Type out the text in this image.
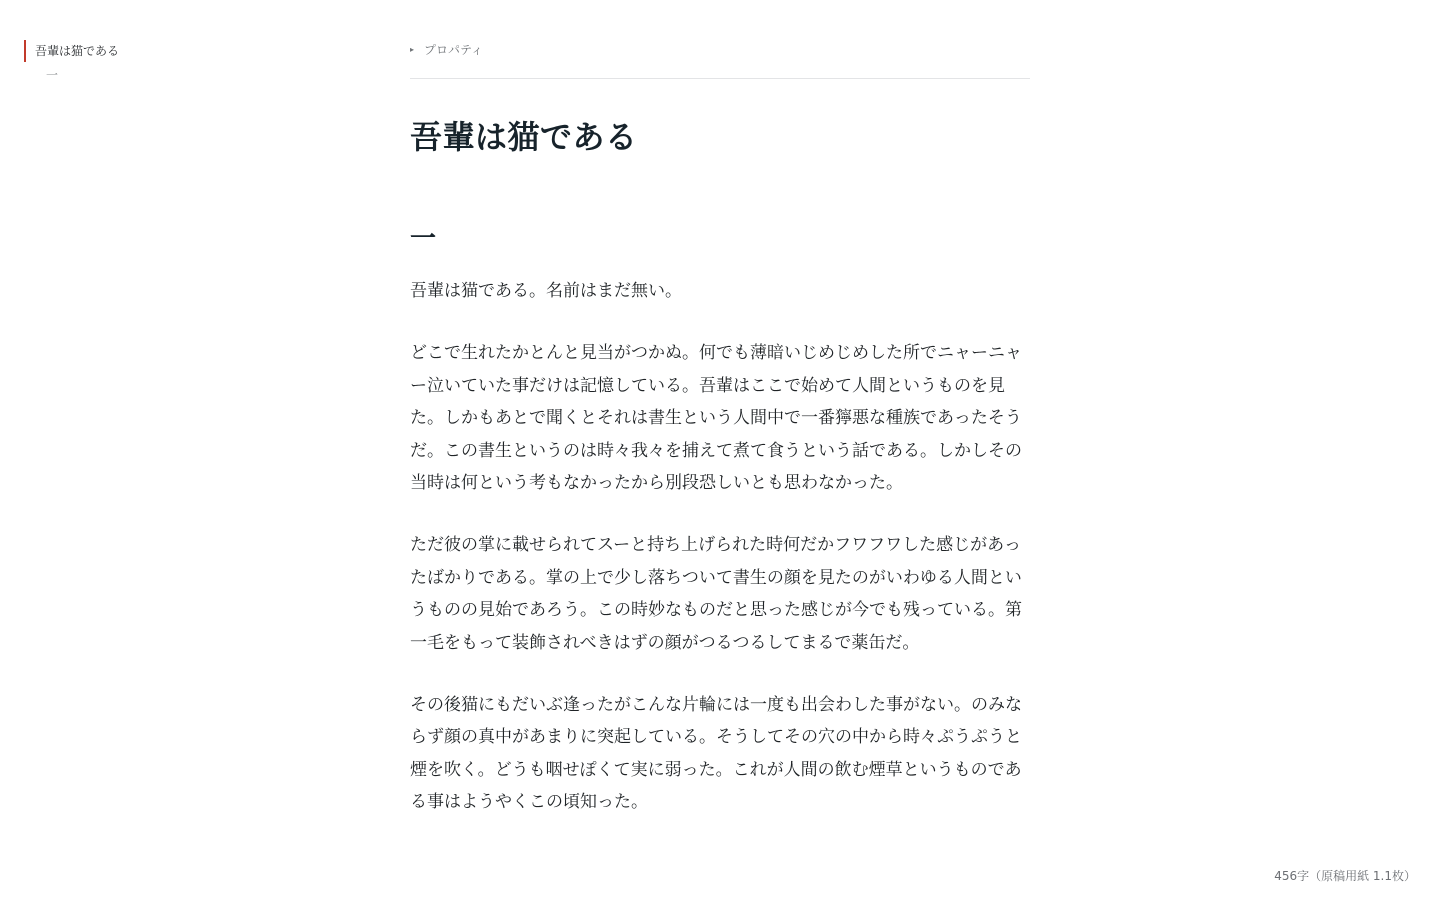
吾輩は猫である
一
▸ プロパティ
吾輩は猫である
一

吾輩は猫である。名前はまだ無い。

どこで生れたかとんと見当がつかぬ。何でも薄暗いじめじめした所でニャーニャー泣いていた事だけは記憶している。吾輩はここで始めて人間というものを見た。しかもあとで聞くとそれは書生という人間中で一番獰悪な種族であったそうだ。この書生というのは時々我々を捕えて煮て食うという話である。しかしその当時は何という考もなかったから別段恐しいとも思わなかった。

ただ彼の掌に載せられてスーと持ち上げられた時何だかフワフワした感じがあったばかりである。掌の上で少し落ちついて書生の顔を見たのがいわゆる人間というものの見始であろう。この時妙なものだと思った感じが今でも残っている。第一毛をもって装飾されべきはずの顔がつるつるしてまるで薬缶だ。

その後猫にもだいぶ逢ったがこんな片輪には一度も出会わした事がない。のみならず顔の真中があまりに突起している。そうしてその穴の中から時々ぷうぷうと煙を吹く。どうも咽せぽくて実に弱った。これが人間の飲む煙草というものである事はようやくこの頃知った。

456字（原稿用紙 1.1枚）
